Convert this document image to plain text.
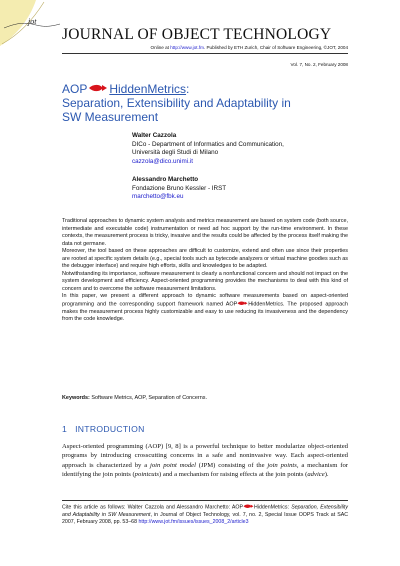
jot
JOURNAL OF OBJECT TECHNOLOGY
Online at http://www.jot.fm. Published by ETH Zurich, Chair of Software Engineering, ©JOT, 2004
Vol. 7, No. 2, February 2008
AOP HiddenMetrics:
Separation, Extensibility and Adaptability in
SW Measurement
Walter Cazzola
DICo - Department of Informatics and Communication,
Università degli Studi di Milano
cazzola@dico.unimi.it
Alessandro Marchetto
Fondazione Bruno Kessler - IRST
marchetto@fbk.eu

Traditional approaches to dynamic system analysis and metrics measurement are based on system code (both source, intermediate and executable code) instrumentation or need ad hoc support by the run-time environment. In these contexts, the measurement process is tricky, invasive and the results could be affected by the process itself making the data not germane.

Moreover, the tool based on these approaches are difficult to customize, extend and often use since their properties are rooted at specific system details (e.g., special tools such as bytecode analyzers or virtual machine goodies such as the debugger interface) and require high efforts, skills and knowledges to be adapted.

Notwithstanding its importance, software measurement is clearly a nonfunctional concern and should not impact on the system development and efficiency. Aspect-oriented programming provides the mechanisms to deal with this kind of concern and to overcome the software measurement limitations.

In this paper, we present a different approach to dynamic software measurements based on aspect-oriented programming and the corresponding support framework named AOP HiddenMetrics. The proposed approach makes the measurement process highly customizable and easy to use reducing its invasiveness and the dependency from the code knowledge.

Keywords: Software Metrics, AOP, Separation of Concerns.
1 INTRODUCTION
Aspect-oriented programming (AOP) [9, 8] is a powerful technique to better modularize object-oriented programs by introducing crosscutting concerns in a safe and noninvasive way. Each aspect-oriented approach is characterized by a join point model (JPM) consisting of the join points, a mechanism for identifying the join points (pointcuts) and a mechanism for raising effects at the join points (advice).
Cite this article as follows: Walter Cazzola and Alessandro Marchetto: AOP HiddenMetrics: Separation, Extensibility and Adaptability in SW Measurement, in Journal of Object Technology, vol. 7, no. 2, Special Issue OOPS Track at SAC 2007, February 2008, pp. 53–68 http://www.jot.fm/issues/issues_2008_2/article3
